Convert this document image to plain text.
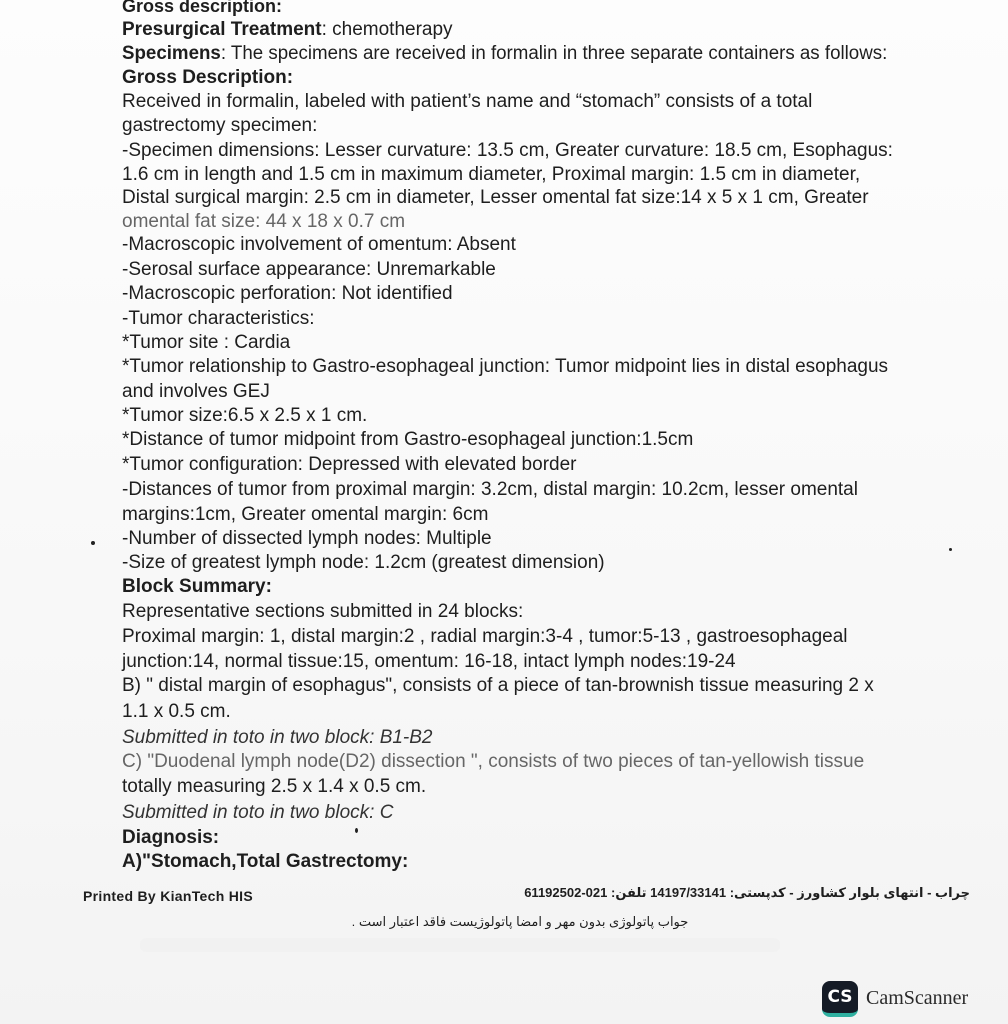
Gross description:
Presurgical Treatment: chemotherapy
Specimens: The specimens are received in formalin in three separate containers as follows:
Gross Description:
Received in formalin, labeled with patient’s name and “stomach” consists of a total
gastrectomy specimen:
-Specimen dimensions: Lesser curvature: 13.5 cm, Greater curvature: 18.5 cm, Esophagus:
1.6 cm in length and 1.5 cm in maximum diameter, Proximal margin: 1.5 cm in diameter,
Distal surgical margin: 2.5 cm in diameter, Lesser omental fat size:14 x 5 x 1 cm, Greater
omental fat size: 44 x 18 x 0.7 cm
-Macroscopic involvement of omentum: Absent
-Serosal surface appearance: Unremarkable
-Macroscopic perforation: Not identified
-Tumor characteristics:
*Tumor site : Cardia
*Tumor relationship to Gastro-esophageal junction: Tumor midpoint lies in distal esophagus
and involves GEJ
*Tumor size:6.5 x 2.5 x 1 cm.
*Distance of tumor midpoint from Gastro-esophageal junction:1.5cm
*Tumor configuration: Depressed with elevated border
-Distances of tumor from proximal margin: 3.2cm, distal margin: 10.2cm, lesser omental
margins:1cm, Greater omental margin: 6cm
-Number of dissected lymph nodes: Multiple
-Size of greatest lymph node: 1.2cm (greatest dimension)
Block Summary:
Representative sections submitted in 24 blocks:
Proximal margin: 1, distal margin:2 , radial margin:3-4 , tumor:5-13 , gastroesophageal
junction:14, normal tissue:15, omentum: 16-18, intact lymph nodes:19-24
B) " distal margin of esophagus", consists of a piece of tan-brownish tissue measuring 2 x
1.1 x 0.5 cm.
Submitted in toto in two block: B1-B2
C) "Duodenal lymph node(D2) dissection ", consists of two pieces of tan-yellowish tissue
totally measuring 2.5 x 1.4 x 0.5 cm.
Submitted in toto in two block: C
Diagnosis:
A)"Stomach,Total Gastrectomy:
Printed By KianTech HIS	چراب - انتهای بلوار کشاورز - کدپستی: 14197/33141 تلفن: 021-61192502
جواب پاتولوژی بدون مهر و امضا پاتولوژیست فاقد اعتبار است .
CS CamScanner
